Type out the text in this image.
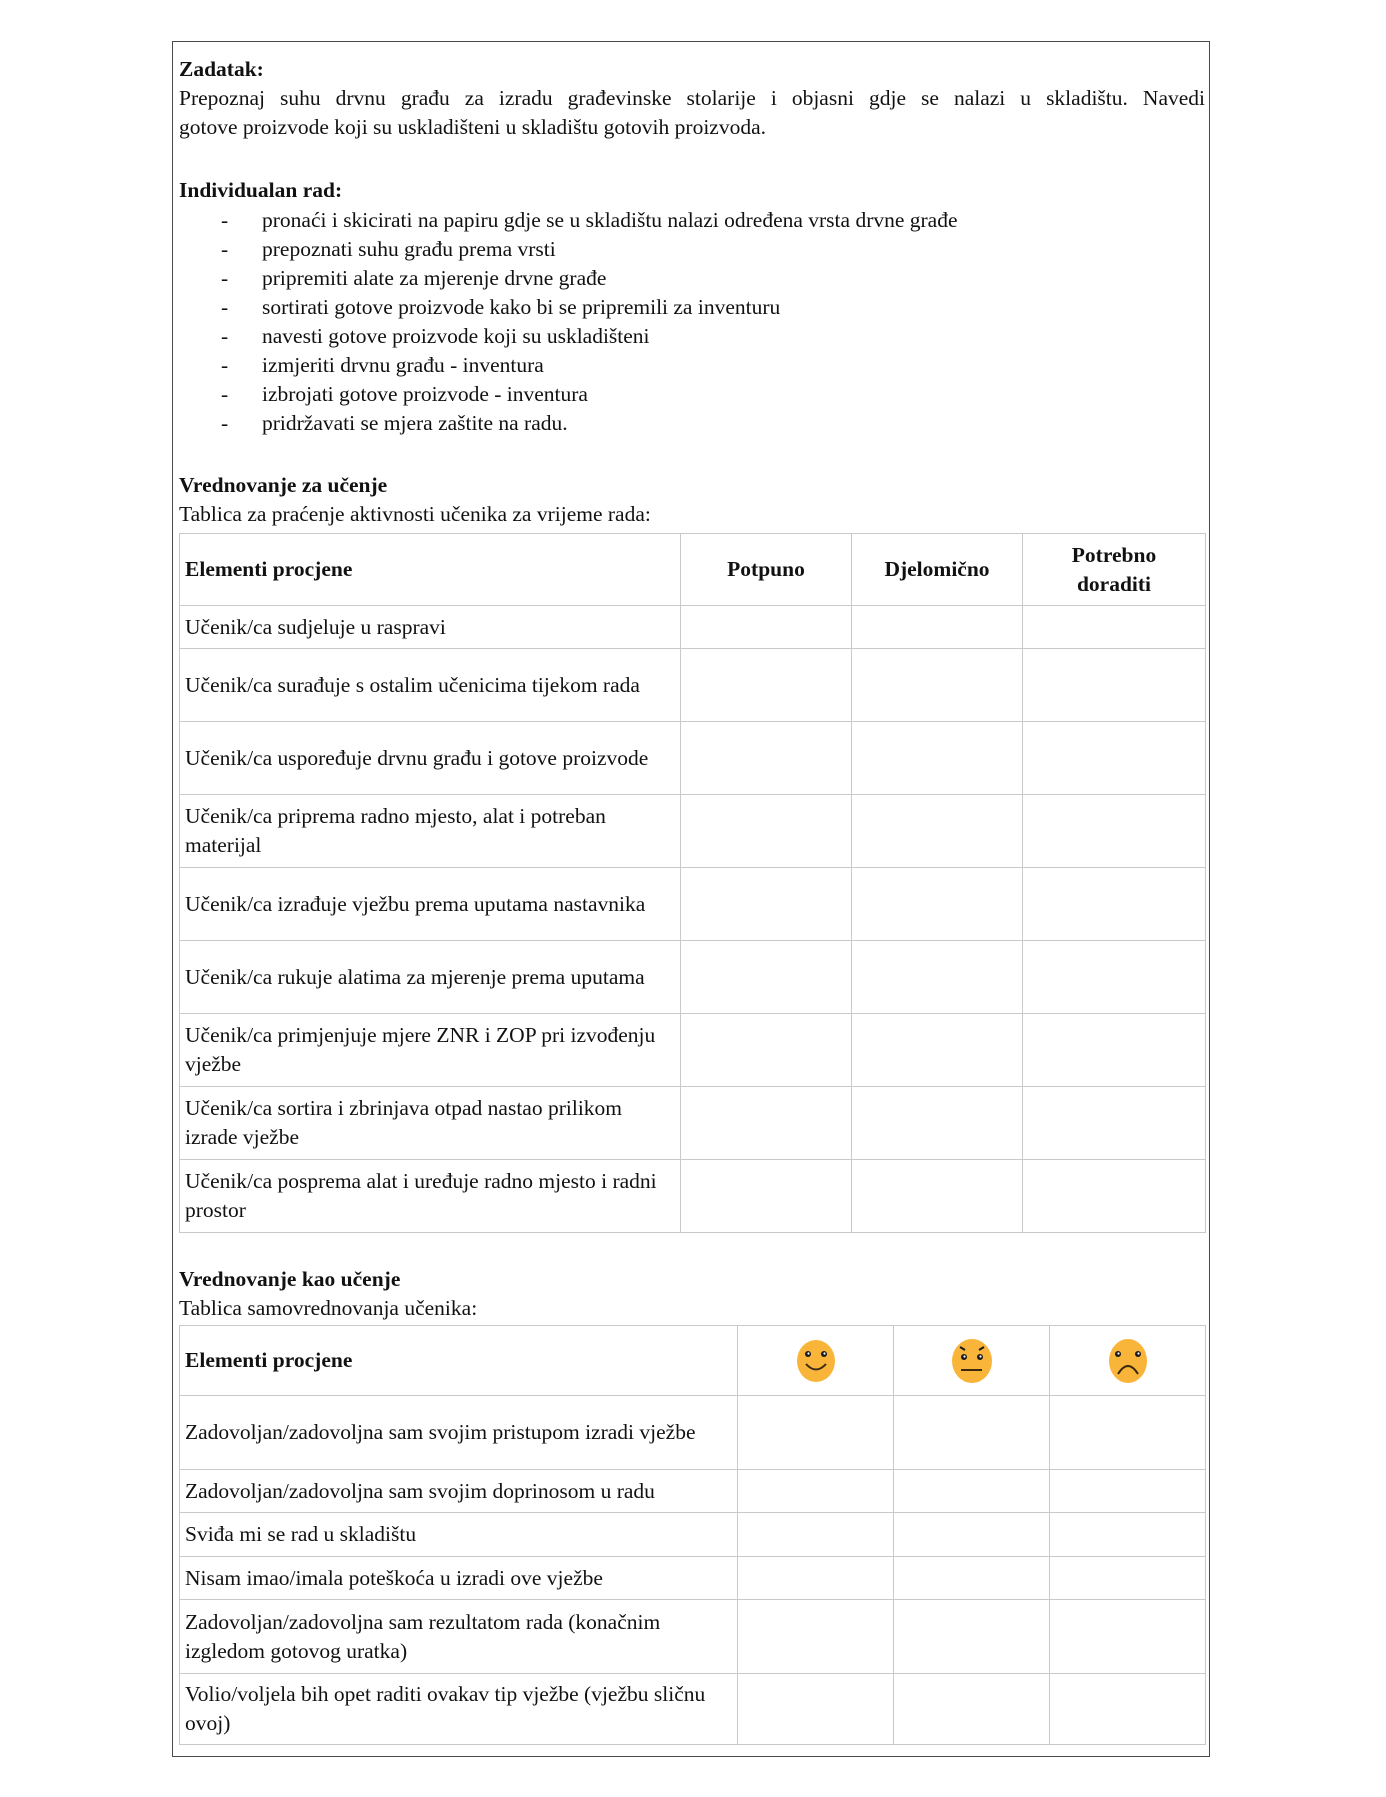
Zadatak:
Prepoznaj suhu drvnu građu za izradu građevinske stolarije i objasni gdje se nalazi u skladištu. Navedi
gotove proizvode koji su uskladišteni u skladištu gotovih proizvoda.
Individualan rad:
- pronaći i skicirati na papiru gdje se u skladištu nalazi određena vrsta drvne građe
- prepoznati suhu građu prema vrsti
- pripremiti alate za mjerenje drvne građe
- sortirati gotove proizvode kako bi se pripremili za inventuru
- navesti gotove proizvode koji su uskladišteni
- izmjeriti drvnu građu - inventura
- izbrojati gotove proizvode - inventura
- pridržavati se mjera zaštite na radu.
Vrednovanje za učenje
Tablica za praćenje aktivnosti učenika za vrijeme rada:
Elementi procjene	Potpuno	Djelomično	Potrebno doraditi
Učenik/ca sudjeluje u raspravi			
Učenik/ca surađuje s ostalim učenicima tijekom rada			
Učenik/ca uspoređuje drvnu građu i gotove proizvode			
Učenik/ca priprema radno mjesto, alat i potreban materijal			
Učenik/ca izrađuje vježbu prema uputama nastavnika			
Učenik/ca rukuje alatima za mjerenje prema uputama			
Učenik/ca primjenjuje mjere ZNR i ZOP pri izvođenju vježbe			
Učenik/ca sortira i zbrinjava otpad nastao prilikom izrade vježbe			
Učenik/ca posprema alat i uređuje radno mjesto i radni prostor			
Vrednovanje kao učenje
Tablica samovrednovanja učenika:
Elementi procjene			
Zadovoljan/zadovoljna sam svojim pristupom izradi vježbe			
Zadovoljan/zadovoljna sam svojim doprinosom u radu			
Sviđa mi se rad u skladištu			
Nisam imao/imala poteškoća u izradi ove vježbe			
Zadovoljan/zadovoljna sam rezultatom rada (konačnim izgledom gotovog uratka)			
Volio/voljela bih opet raditi ovakav tip vježbe (vježbu sličnu ovoj)			
